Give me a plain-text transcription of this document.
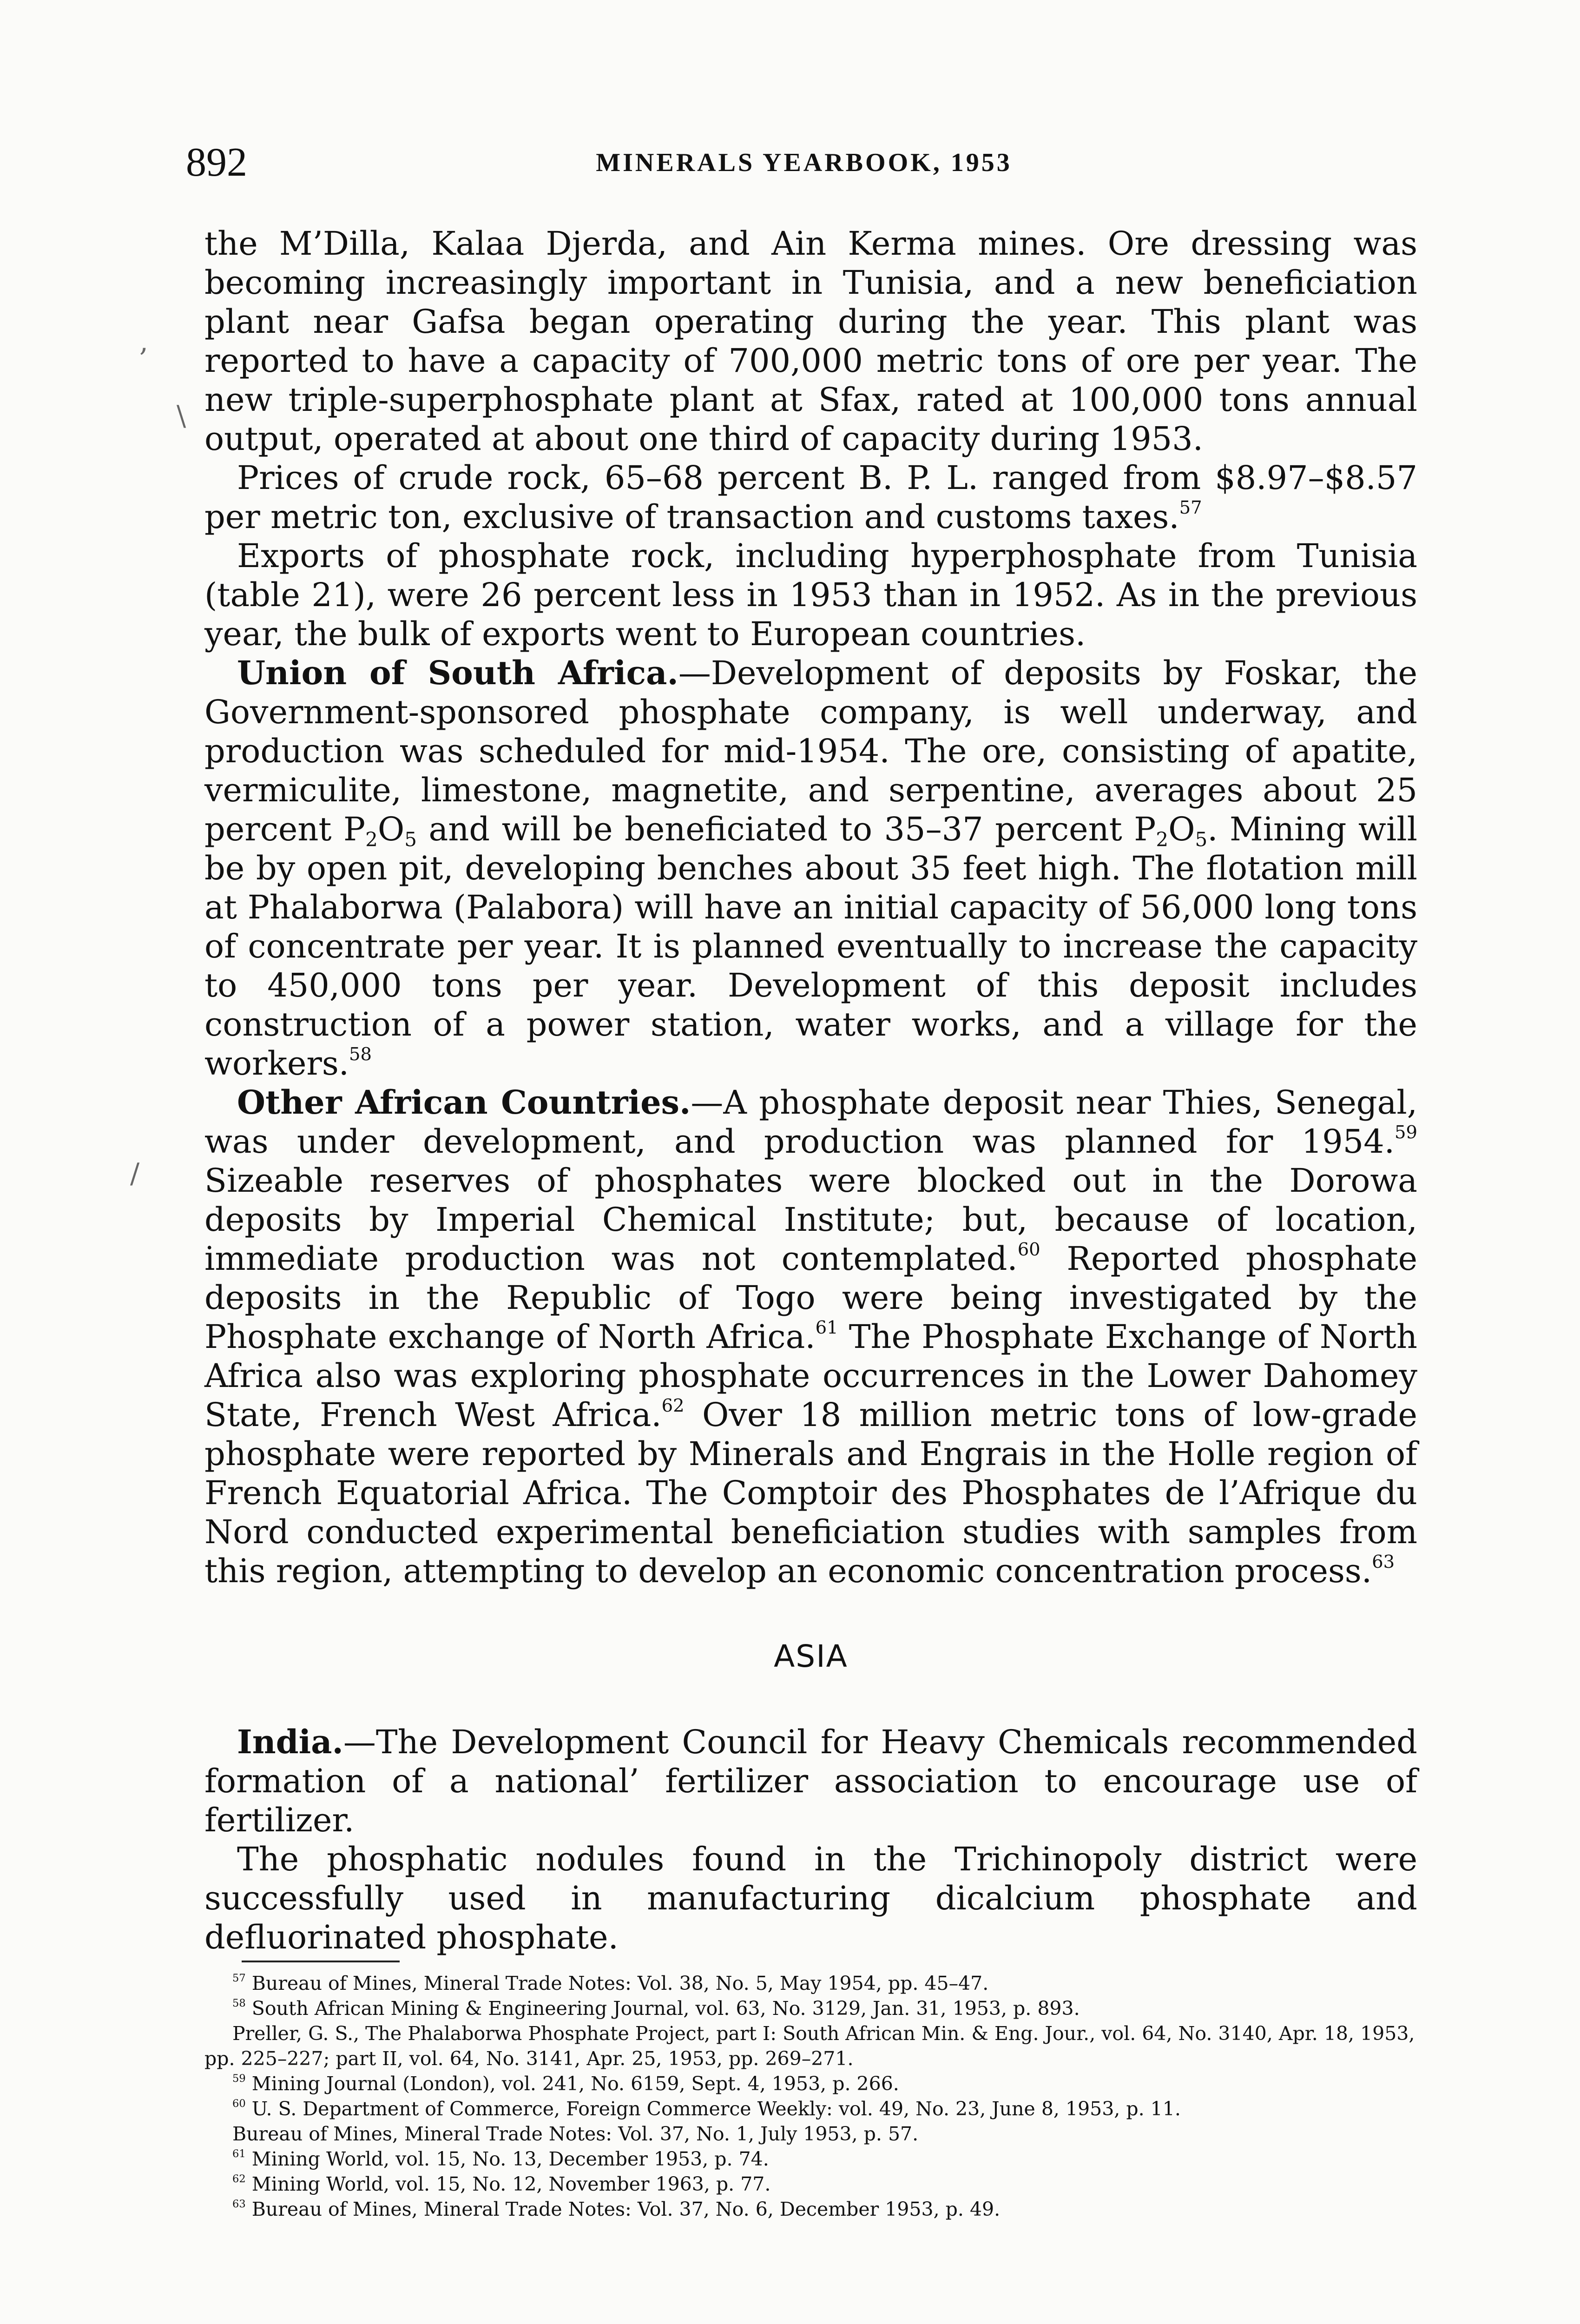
892	MINERALS YEARBOOK, 1953

the M’Dilla, Kalaa Djerda, and Ain Kerma mines. Ore dressing was becoming increasingly important in Tunisia, and a new beneficiation plant near Gafsa began operating during the year. This plant was reported to have a capacity of 700,000 metric tons of ore per year. The new triple-superphosphate plant at Sfax, rated at 100,000 tons annual output, operated at about one third of capacity during 1953.

Prices of crude rock, 65–68 percent B. P. L. ranged from $8.97–$8.57 per metric ton, exclusive of transaction and customs taxes.$^{57}$

Exports of phosphate rock, including hyperphosphate from Tunisia (table 21), were 26 percent less in 1953 than in 1952. As in the previous year, the bulk of exports went to European countries.

Union of South Africa.—Development of deposits by Foskar, the Government-sponsored phosphate company, is well underway, and production was scheduled for mid-1954. The ore, consisting of apatite, vermiculite, limestone, magnetite, and serpentine, averages about 25 percent $P_2O_5$ and will be beneficiated to 35–37 percent $P_2O_5$. Mining will be by open pit, developing benches about 35 feet high. The flotation mill at Phalaborwa (Palabora) will have an initial capacity of 56,000 long tons of concentrate per year. It is planned eventually to increase the capacity to 450,000 tons per year. Development of this deposit includes construction of a power station, water works, and a village for the workers.$^{58}$

Other African Countries.—A phosphate deposit near Thies, Senegal, was under development, and production was planned for 1954.59 Sizeable reserves of phosphates were blocked out in the Dorowa deposits by Imperial Chemical Institute; but, because of location, immediate production was not contemplated.$^{60}$ Reported phosphate deposits in the Republic of Togo were being investigated by the Phosphate exchange of North Africa.$^{61}$ The Phosphate Exchange of North Africa also was exploring phosphate occurrences in the Lower Dahomey State, French West Africa.$^{62}$ Over 18 million metric tons of low-grade phosphate were reported by Minerals and Engrais in the Holle region of French Equatorial Africa. The Comptoir des Phosphates de l’Afrique du Nord conducted experimental beneficiation studies with samples from this region, attempting to develop an economic concentration process.$^{63}$

ASIA

India.—The Development Council for Heavy Chemicals recommended formation of a national’ fertilizer association to encourage use of fertilizer.

The phosphatic nodules found in the Trichinopoly district were successfully used in manufacturing dicalcium phosphate and defluorinated phosphate.

$^{57}$ Bureau of Mines, Mineral Trade Notes: Vol. 38, No. 5, May 1954, pp. 45–47.

$^{58}$ South African Mining & Engineering Journal, vol. 63, No. 3129, Jan. 31, 1953, p. 893.

Preller, G. S., The Phalaborwa Phosphate Project, part I: South African Min. & Eng. Jour., vol. 64, No. 3140, Apr. 18, 1953, pp. 225–227; part II, vol. 64, No. 3141, Apr. 25, 1953, pp. 269–271.

$^{59}$ Mining Journal (London), vol. 241, No. 6159, Sept. 4, 1953, p. 266.

$^{60}$ U. S. Department of Commerce, Foreign Commerce Weekly: vol. 49, No. 23, June 8, 1953, p. 11.

Bureau of Mines, Mineral Trade Notes: Vol. 37, No. 1, July 1953, p. 57.

$^{61}$ Mining World, vol. 15, No. 13, December 1953, p. 74.

$^{62}$ Mining World, vol. 15, No. 12, November 1963, p. 77.

$^{63}$ Bureau of Mines, Mineral Trade Notes: Vol. 37, No. 6, December 1953, p. 49.

,
\
/
